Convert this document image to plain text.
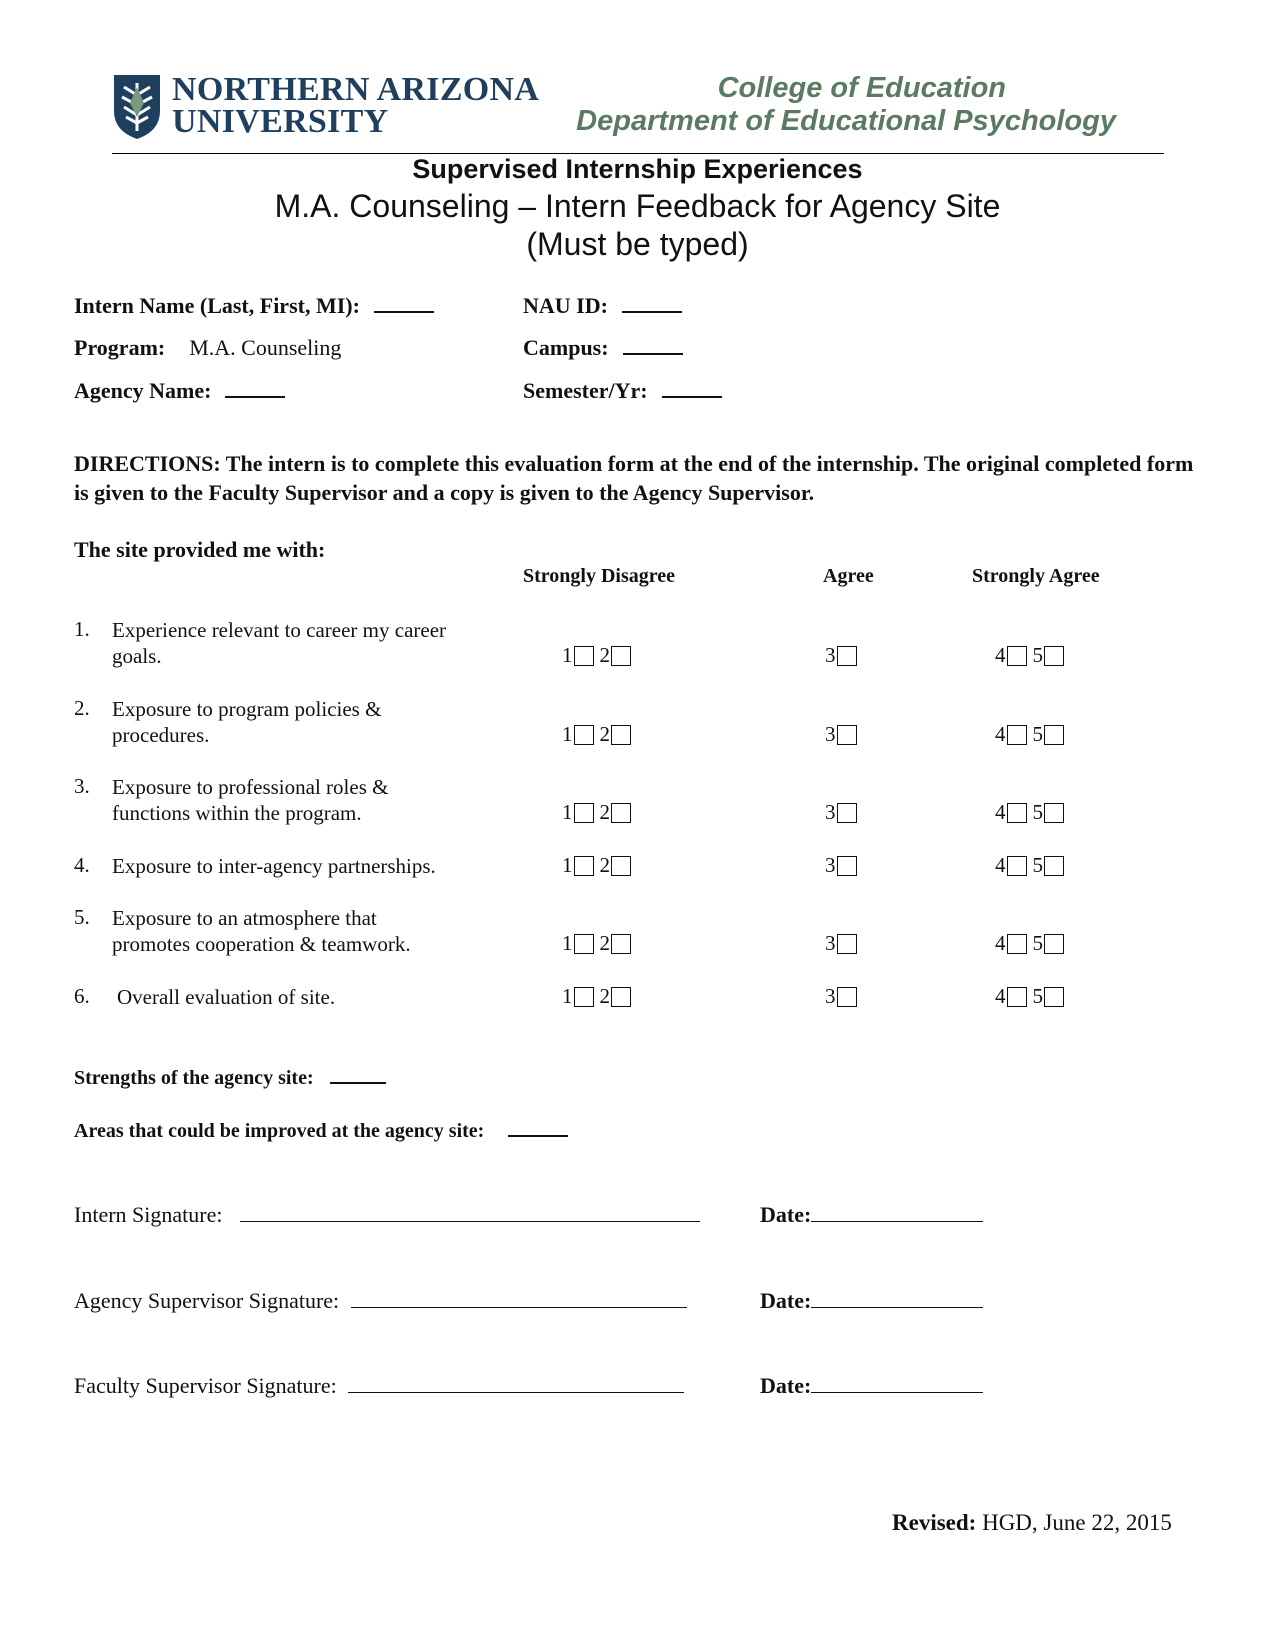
NORTHERN ARIZONA
UNIVERSITY
College of Education
Department of Educational Psychology
Supervised Internship Experiences
M.A. Counseling – Intern Feedback for Agency Site
(Must be typed)
Intern Name (Last, First, MI):	NAU ID:
Program: M.A. Counseling	Campus:
Agency Name:	Semester/Yr:
DIRECTIONS: The intern is to complete this evaluation form at the end of the internship. The original completed form is given to the Faculty Supervisor and a copy is given to the Agency Supervisor.
The site provided me with:
Strongly Disagree	Agree	Strongly Agree
1. Experience relevant to career my career
goals.	1 2	3	4 5
2. Exposure to program policies &
procedures.	1 2	3	4 5
3. Exposure to professional roles &
functions within the program.	1 2	3	4 5
4. Exposure to inter-agency partnerships.	1 2	3	4 5
5. Exposure to an atmosphere that
promotes cooperation & teamwork.	1 2	3	4 5
6. Overall evaluation of site.	1 2	3	4 5
Strengths of the agency site:
Areas that could be improved at the agency site:
Intern Signature:	Date:
Agency Supervisor Signature:	Date:
Faculty Supervisor Signature:	Date:
Revised: HGD, June 22, 2015
